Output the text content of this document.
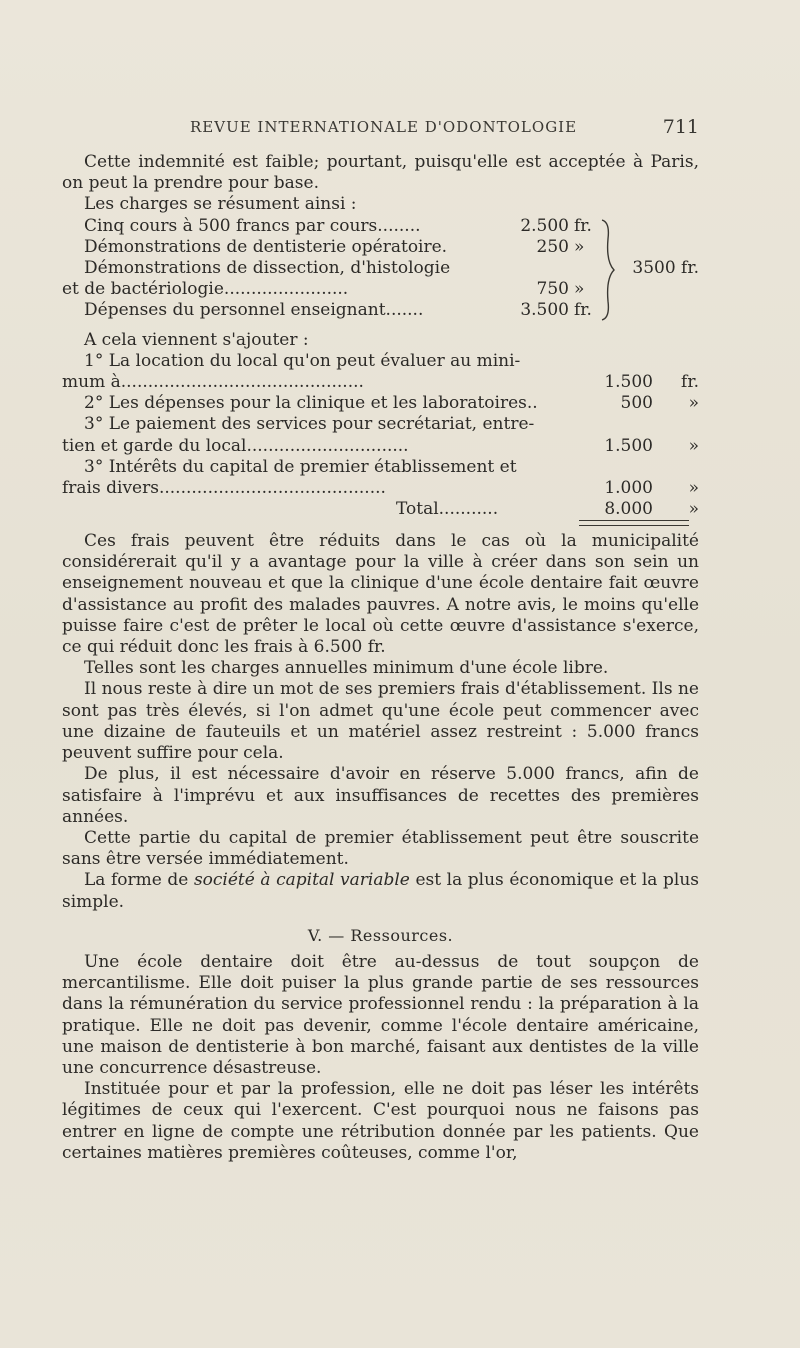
REVUE INTERNATIONALE D'ODONTOLOGIE	711

Cette indemnité est faible; pourtant, puisqu'elle est acceptée à Paris, on peut la prendre pour base.

Les charges se résument ainsi :

Cinq cours à 500 francs par cours........	2.500 fr.
Démonstrations de dentisterie opératoire.	250 »
Démonstrations de dissection, d'histologie
et de bactériologie.......................	750 »
Dépenses du personnel enseignant.......	3.500 fr.
3500 fr.

A cela viennent s'ajouter :

1° La location du local qu'on peut évaluer au mini-
mum à.............................................	1.500 fr.
2° Les dépenses pour la clinique et les laboratoires..	500 »
3° Le paiement des services pour secrétariat, entre-
tien et garde du local..............................	1.500 »
3° Intérêts du capital de premier établissement et
frais divers..........................................	1.000 »
Total...........	8.000 »

Ces frais peuvent être réduits dans le cas où la municipalité considérerait qu'il y a avantage pour la ville à créer dans son sein un enseignement nouveau et que la clinique d'une école dentaire fait œuvre d'assistance au profit des malades pauvres. A notre avis, le moins qu'elle puisse faire c'est de prêter le local où cette œuvre d'assistance s'exerce, ce qui réduit donc les frais à 6.500 fr.

Telles sont les charges annuelles minimum d'une école libre.

Il nous reste à dire un mot de ses premiers frais d'établissement. Ils ne sont pas très élevés, si l'on admet qu'une école peut commencer avec une dizaine de fauteuils et un matériel assez restreint : 5.000 francs peuvent suffire pour cela.

De plus, il est nécessaire d'avoir en réserve 5.000 francs, afin de satisfaire à l'imprévu et aux insuffisances de recettes des premières années.

Cette partie du capital de premier établissement peut être souscrite sans être versée immédiatement.

La forme de société à capital variable est la plus économique et la plus simple.

V. — Ressources.

Une école dentaire doit être au-dessus de tout soupçon de mercantilisme. Elle doit puiser la plus grande partie de ses ressources dans la rémunération du service professionnel rendu : la préparation à la pratique. Elle ne doit pas devenir, comme l'école dentaire américaine, une maison de dentisterie à bon marché, faisant aux dentistes de la ville une concurrence désastreuse.

Instituée pour et par la profession, elle ne doit pas léser les intérêts légitimes de ceux qui l'exercent. C'est pourquoi nous ne faisons pas entrer en ligne de compte une rétribution donnée par les patients. Que certaines matières premières coûteuses, comme l'or,
